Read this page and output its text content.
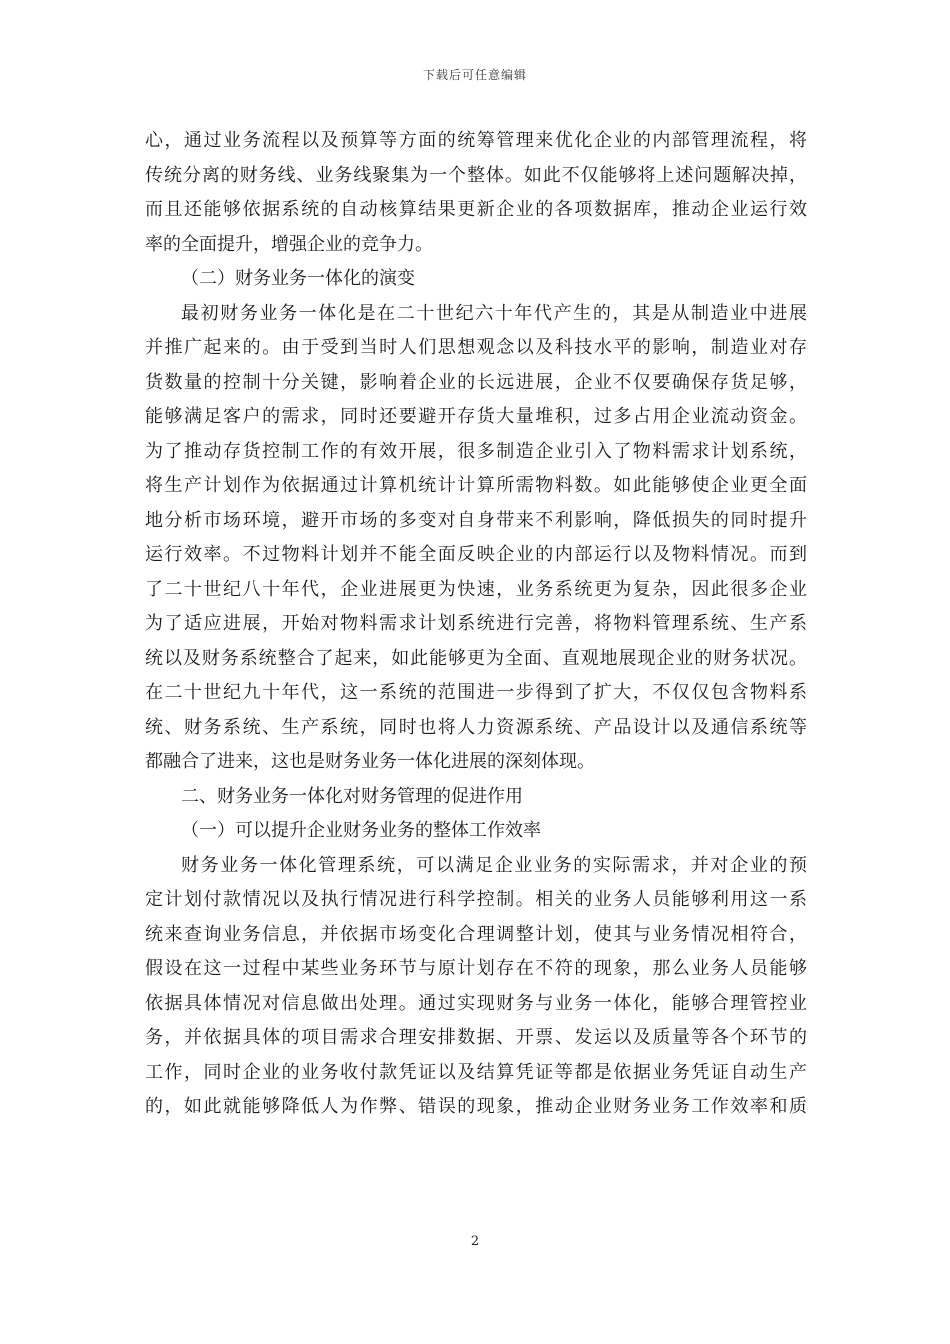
下载后可任意编辑
心，通过业务流程以及预算等方面的统筹管理来优化企业的内部管理流程，将
传统分离的财务线、业务线聚集为一个整体。如此不仅能够将上述问题解决掉，
而且还能够依据系统的自动核算结果更新企业的各项数据库，推动企业运行效
率的全面提升，增强企业的竞争力。
（二）财务业务一体化的演变
最初财务业务一体化是在二十世纪六十年代产生的，其是从制造业中进展
并推广起来的。由于受到当时人们思想观念以及科技水平的影响，制造业对存
货数量的控制十分关键，影响着企业的长远进展，企业不仅要确保存货足够，
能够满足客户的需求，同时还要避开存货大量堆积，过多占用企业流动资金。
为了推动存货控制工作的有效开展，很多制造企业引入了物料需求计划系统，
将生产计划作为依据通过计算机统计计算所需物料数。如此能够使企业更全面
地分析市场环境，避开市场的多变对自身带来不利影响，降低损失的同时提升
运行效率。不过物料计划并不能全面反映企业的内部运行以及物料情况。而到
了二十世纪八十年代，企业进展更为快速，业务系统更为复杂，因此很多企业
为了适应进展，开始对物料需求计划系统进行完善，将物料管理系统、生产系
统以及财务系统整合了起来，如此能够更为全面、直观地展现企业的财务状况。
在二十世纪九十年代，这一系统的范围进一步得到了扩大，不仅仅包含物料系
统、财务系统、生产系统，同时也将人力资源系统、产品设计以及通信系统等
都融合了进来，这也是财务业务一体化进展的深刻体现。
二、财务业务一体化对财务管理的促进作用
（一）可以提升企业财务业务的整体工作效率
财务业务一体化管理系统，可以满足企业业务的实际需求，并对企业的预
定计划付款情况以及执行情况进行科学控制。相关的业务人员能够利用这一系
统来查询业务信息，并依据市场变化合理调整计划，使其与业务情况相符合，
假设在这一过程中某些业务环节与原计划存在不符的现象，那么业务人员能够
依据具体情况对信息做出处理。通过实现财务与业务一体化，能够合理管控业
务，并依据具体的项目需求合理安排数据、开票、发运以及质量等各个环节的
工作，同时企业的业务收付款凭证以及结算凭证等都是依据业务凭证自动生产
的，如此就能够降低人为作弊、错误的现象，推动企业财务业务工作效率和质
2
